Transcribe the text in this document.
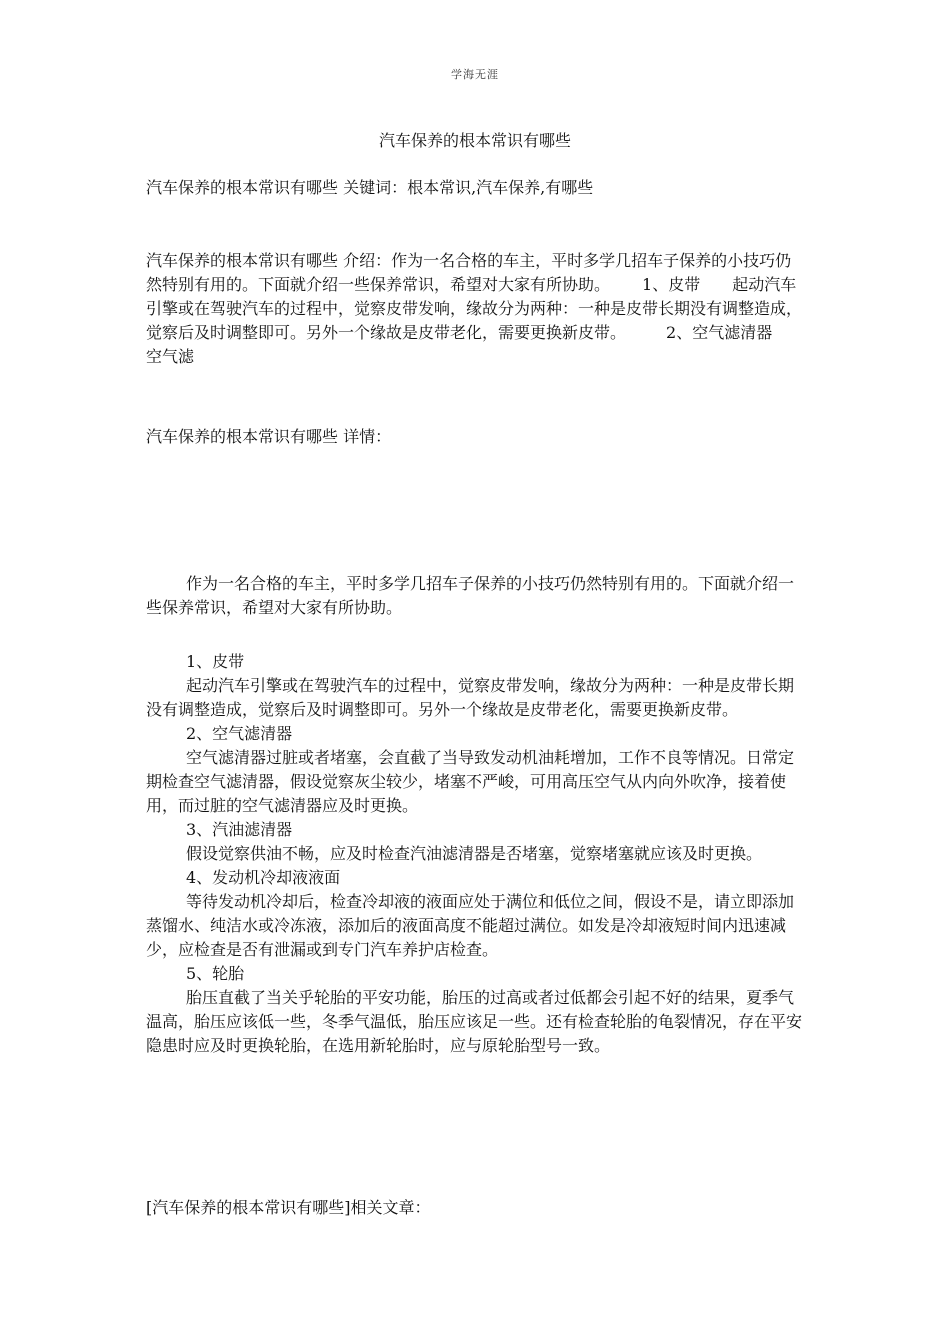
学海无涯
汽车保养的根本常识有哪些
汽车保养的根本常识有哪些 关键词：根本常识,汽车保养,有哪些
汽车保养的根本常识有哪些 介绍：作为一名合格的车主，平时多学几招车子保养的小技巧仍然特别有用的。下面就介绍一些保养常识，希望对大家有所协助。 1、皮带 起动汽车引擎或在驾驶汽车的过程中，觉察皮带发响，缘故分为两种：一种是皮带长期没有调整造成，觉察后及时调整即可。另外一个缘故是皮带老化，需要更换新皮带。	2、空气滤清器空气滤
汽车保养的根本常识有哪些 详情：

作为一名合格的车主，平时多学几招车子保养的小技巧仍然特别有用的。下面就介绍一些保养常识，希望对大家有所协助。

1、皮带

起动汽车引擎或在驾驶汽车的过程中，觉察皮带发响，缘故分为两种：一种是皮带长期没有调整造成，觉察后及时调整即可。另外一个缘故是皮带老化，需要更换新皮带。

2、空气滤清器

空气滤清器过脏或者堵塞，会直截了当导致发动机油耗增加，工作不良等情况。日常定期检查空气滤清器，假设觉察灰尘较少，堵塞不严峻，可用高压空气从内向外吹净，接着使用，而过脏的空气滤清器应及时更换。

3、汽油滤清器

假设觉察供油不畅，应及时检查汽油滤清器是否堵塞，觉察堵塞就应该及时更换。

4、发动机冷却液液面

等待发动机冷却后，检查冷却液的液面应处于满位和低位之间，假设不是，请立即添加蒸馏水、纯洁水或冷冻液，添加后的液面高度不能超过满位。如发是冷却液短时间内迅速减少，应检查是否有泄漏或到专门汽车养护店检查。

5、轮胎

胎压直截了当关乎轮胎的平安功能，胎压的过高或者过低都会引起不好的结果，夏季气温高，胎压应该低一些，冬季气温低，胎压应该足一些。还有检查轮胎的龟裂情况，存在平安隐患时应及时更换轮胎，在选用新轮胎时，应与原轮胎型号一致。

[汽车保养的根本常识有哪些]相关文章：
